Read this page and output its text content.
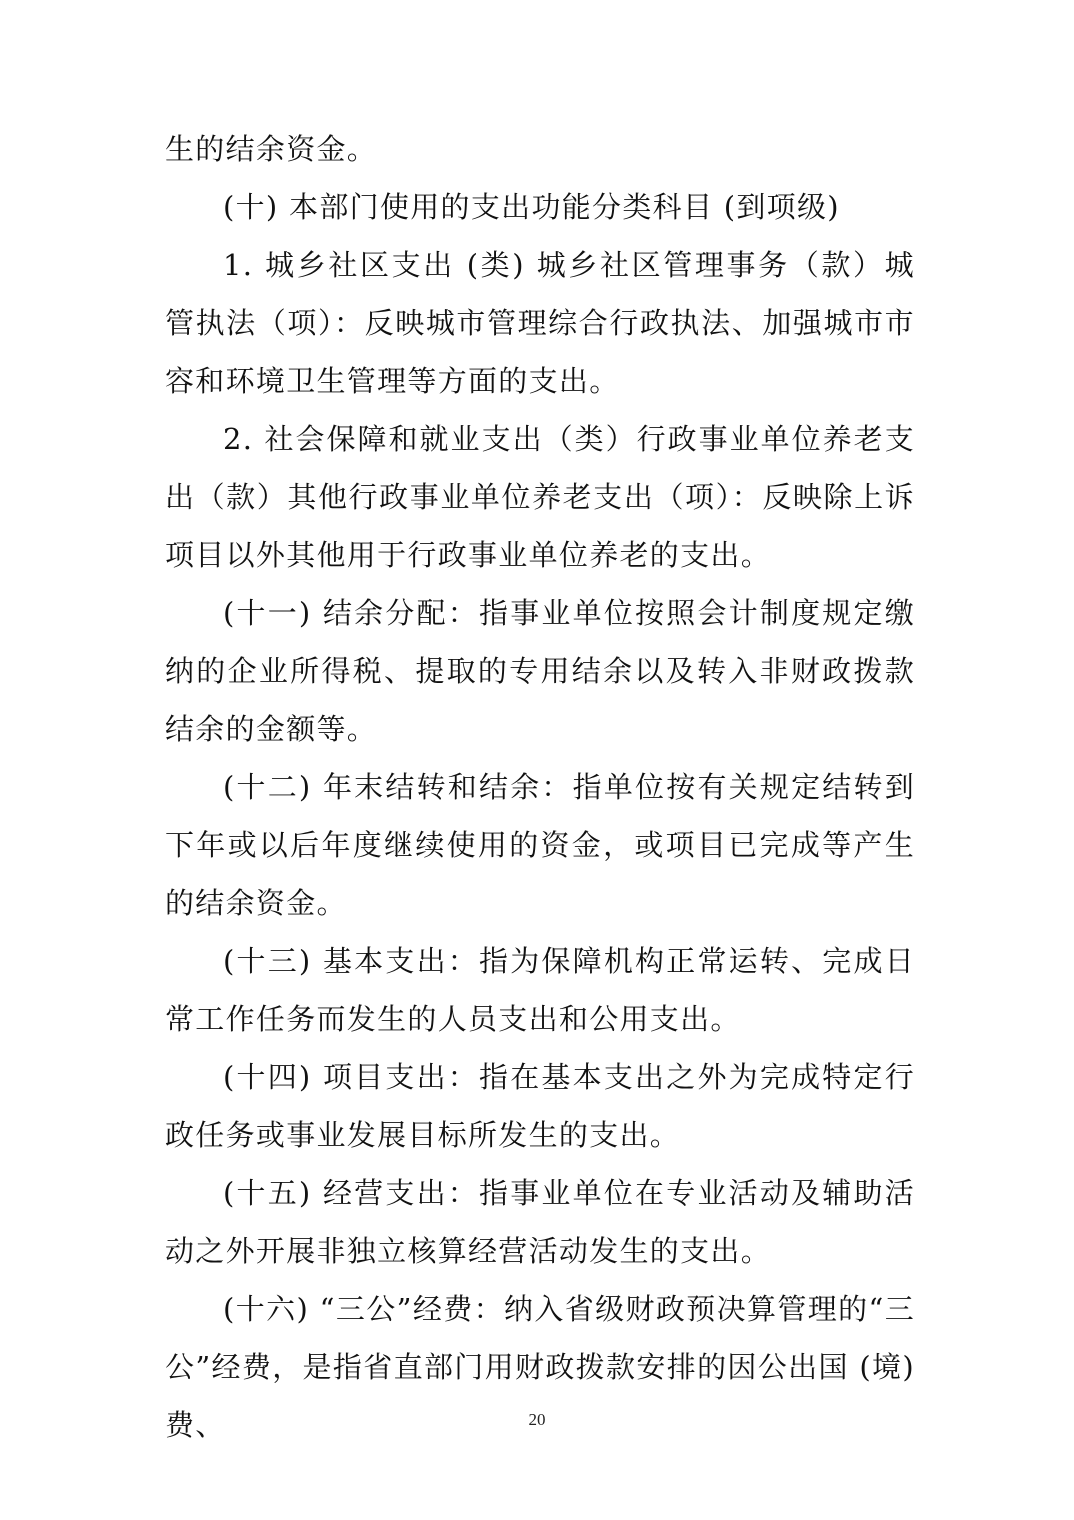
生的结余资金。

(十) 本部门使用的支出功能分类科目 (到项级)

1. 城乡社区支出 (类) 城乡社区管理事务（款）城管执法（项）：反映城市管理综合行政执法、加强城市市容和环境卫生管理等方面的支出。

2. 社会保障和就业支出（类）行政事业单位养老支出（款）其他行政事业单位养老支出（项）：反映除上诉项目以外其他用于行政事业单位养老的支出。

(十一) 结余分配：指事业单位按照会计制度规定缴纳的企业所得税、提取的专用结余以及转入非财政拨款结余的金额等。

(十二) 年末结转和结余：指单位按有关规定结转到下年或以后年度继续使用的资金，或项目已完成等产生的结余资金。

(十三) 基本支出：指为保障机构正常运转、完成日常工作任务而发生的人员支出和公用支出。

(十四) 项目支出：指在基本支出之外为完成特定行政任务或事业发展目标所发生的支出。

(十五) 经营支出：指事业单位在专业活动及辅助活动之外开展非独立核算经营活动发生的支出。

(十六) “三公”经费：纳入省级财政预决算管理的“三公”经费，是指省直部门用财政拨款安排的因公出国 (境) 费、	20
